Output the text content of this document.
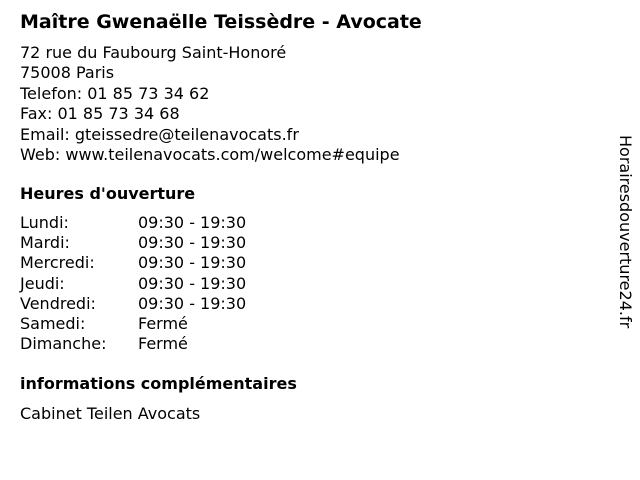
Maître Gwenaëlle Teissèdre - Avocate
72 rue du Faubourg Saint-Honoré
75008 Paris
Telefon: 01 85 73 34 62
Fax: 01 85 73 34 68
Email: gteissedre@teilenavocats.fr
Web: www.teilenavocats.com/welcome#equipe
Heures d'ouverture
Lundi:	09:30 - 19:30
Mardi:	09:30 - 19:30
Mercredi:	09:30 - 19:30
Jeudi:	09:30 - 19:30
Vendredi:	09:30 - 19:30
Samedi:	Fermé
Dimanche: Fermé
informations complémentaires
Cabinet Teilen Avocats
Horairesdouverture24.fr
